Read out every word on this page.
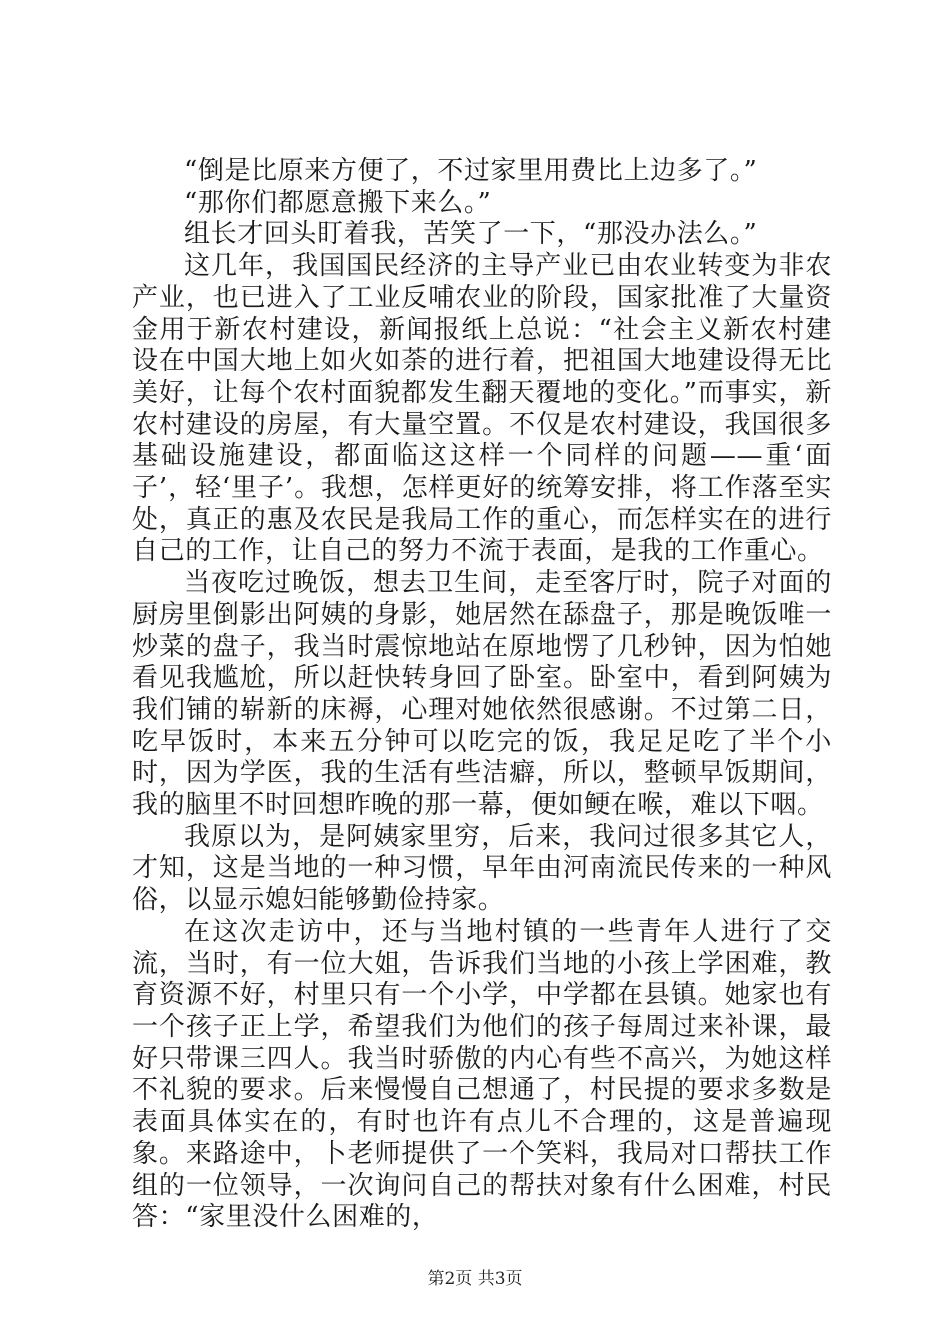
“倒是比原来方便了，不过家里用费比上边多了。”

“那你们都愿意搬下来么。”

组长才回头盯着我，苦笑了一下，“那没办法么。”

这几年，我国国民经济的主导产业已由农业转变为非农产业，也已进入了工业反哺农业的阶段，国家批准了大量资金用于新农村建设，新闻报纸上总说：“社会主义新农村建设在中国大地上如火如荼的进行着，把祖国大地建设得无比美好，让每个农村面貌都发生翻天覆地的变化。”而事实，新农村建设的房屋，有大量空置。不仅是农村建设，我国很多基础设施建设，都面临这这样一个同样的问题——重‘面子’，轻‘里子’。我想，怎样更好的统筹安排，将工作落至实处，真正的惠及农民是我局工作的重心，而怎样实在的进行自己的工作，让自己的努力不流于表面，是我的工作重心。

当夜吃过晚饭，想去卫生间，走至客厅时，院子对面的厨房里倒影出阿姨的身影，她居然在舔盘子，那是晚饭唯一炒菜的盘子，我当时震惊地站在原地愣了几秒钟，因为怕她看见我尴尬，所以赶快转身回了卧室。卧室中，看到阿姨为我们铺的崭新的床褥，心理对她依然很感谢。不过第二日，吃早饭时，本来五分钟可以吃完的饭，我足足吃了半个小时，因为学医，我的生活有些洁癖，所以，整顿早饭期间，我的脑里不时回想昨晚的那一幕，便如鲠在喉，难以下咽。

我原以为，是阿姨家里穷，后来，我问过很多其它人，才知，这是当地的一种习惯，早年由河南流民传来的一种风俗，以显示媳妇能够勤俭持家。

在这次走访中，还与当地村镇的一些青年人进行了交流，当时，有一位大姐，告诉我们当地的小孩上学困难，教育资源不好，村里只有一个小学，中学都在县镇。她家也有一个孩子正上学，希望我们为他们的孩子每周过来补课，最好只带课三四人。我当时骄傲的内心有些不高兴，为她这样不礼貌的要求。后来慢慢自己想通了，村民提的要求多数是表面具体实在的，有时也许有点儿不合理的，这是普遍现象。来路途中，卜老师提供了一个笑料，我局对口帮扶工作组的一位领导，一次询问自己的帮扶对象有什么困难，村民答：“家里没什么困难的，

第2页 共3页
